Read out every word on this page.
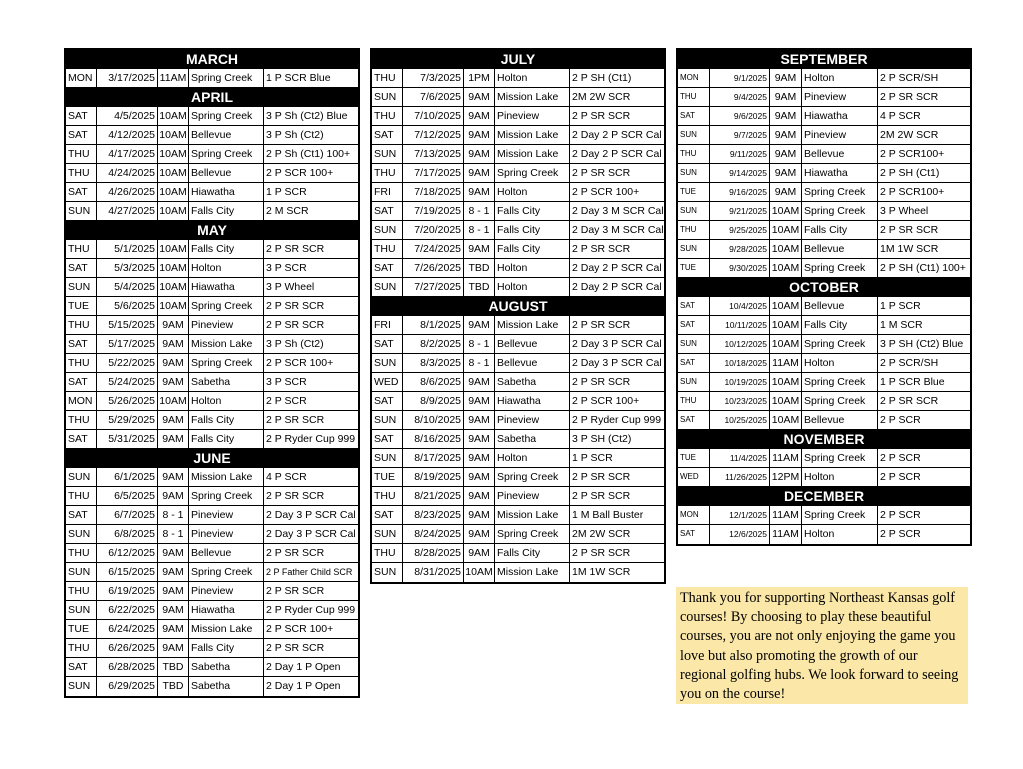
MARCH
MON	3/17/2025 11AM Spring Creek	1 P SCR Blue
APRIL
SAT	4/5/2025 10AM Spring Creek	3 P Sh (Ct2) Blue
SAT	4/12/2025 10AM Bellevue	3 P Sh (Ct2)
THU	4/17/2025 10AM Spring Creek	2 P Sh (Ct1) 100+
THU	4/24/2025 10AM Bellevue	2 P SCR 100+
SAT	4/26/2025 10AM Hiawatha	1 P SCR
SUN	4/27/2025 10AM Falls City	2 M SCR
MAY
THU	5/1/2025 10AM Falls City	2 P SR SCR
SAT	5/3/2025 10AM Holton	3 P SCR
SUN	5/4/2025 10AM Hiawatha	3 P Wheel
TUE	5/6/2025 10AM Spring Creek	2 P SR SCR
THU	5/15/2025 9AM Pineview	2 P SR SCR
SAT	5/17/2025 9AM Mission Lake	3 P Sh (Ct2)
THU	5/22/2025 9AM Spring Creek	2 P SCR 100+
SAT	5/24/2025 9AM Sabetha	3 P SCR
MON	5/26/2025 10AM Holton	2 P SCR
THU	5/29/2025 9AM Falls City	2 P SR SCR
SAT	5/31/2025 9AM Falls City	2 P Ryder Cup 999
JUNE
SUN	6/1/2025 9AM Mission Lake	4 P SCR
THU	6/5/2025 9AM Spring Creek	2 P SR SCR
SAT	6/7/2025 8 - 1 Pineview	2 Day 3 P SCR Cal
SUN	6/8/2025 8 - 1 Pineview	2 Day 3 P SCR Cal
THU	6/12/2025 9AM Bellevue	2 P SR SCR
SUN	6/15/2025 9AM Spring Creek	2 P Father Child SCR
THU	6/19/2025 9AM Pineview	2 P SR SCR
SUN	6/22/2025 9AM Hiawatha	2 P Ryder Cup 999
TUE	6/24/2025 9AM Mission Lake	2 P SCR 100+
THU	6/26/2025 9AM Falls City	2 P SR SCR
SAT	6/28/2025 TBD Sabetha	2 Day 1 P Open
SUN	6/29/2025 TBD Sabetha	2 Day 1 P Open
JULY
THU	7/3/2025 1PM Holton	2 P SH (Ct1)
SUN	7/6/2025 9AM Mission Lake	2M 2W SCR
THU	7/10/2025 9AM Pineview	2 P SR SCR
SAT	7/12/2025 9AM Mission Lake	2 Day 2 P SCR Cal
SUN	7/13/2025 9AM Mission Lake	2 Day 2 P SCR Cal
THU	7/17/2025 9AM Spring Creek	2 P SR SCR
FRI	7/18/2025 9AM Holton	2 P SCR 100+
SAT	7/19/2025 8 - 1 Falls City	2 Day 3 M SCR Cal
SUN	7/20/2025 8 - 1 Falls City	2 Day 3 M SCR Cal
THU	7/24/2025 9AM Falls City	2 P SR SCR
SAT	7/26/2025 TBD Holton	2 Day 2 P SCR Cal
SUN	7/27/2025 TBD Holton	2 Day 2 P SCR Cal
AUGUST
FRI	8/1/2025 9AM Mission Lake	2 P SR SCR
SAT	8/2/2025 8 - 1 Bellevue	2 Day 3 P SCR Cal
SUN	8/3/2025 8 - 1 Bellevue	2 Day 3 P SCR Cal
WED	8/6/2025 9AM Sabetha	2 P SR SCR
SAT	8/9/2025 9AM Hiawatha	2 P SCR 100+
SUN	8/10/2025 9AM Pineview	2 P Ryder Cup 999
SAT	8/16/2025 9AM Sabetha	3 P SH (Ct2)
SUN	8/17/2025 9AM Holton	1 P SCR
TUE	8/19/2025 9AM Spring Creek	2 P SR SCR
THU	8/21/2025 9AM Pineview	2 P SR SCR
SAT	8/23/2025 9AM Mission Lake	1 M Ball Buster
SUN	8/24/2025 9AM Spring Creek	2M 2W SCR
THU	8/28/2025 9AM Falls City	2 P SR SCR
SUN	8/31/2025 10AM Mission Lake	1M 1W SCR
SEPTEMBER
MON	9/1/2025 9AM Holton	2 P SCR/SH
THU	9/4/2025 9AM Pineview	2 P SR SCR
SAT	9/6/2025 9AM Hiawatha	4 P SCR
SUN	9/7/2025 9AM Pineview	2M 2W SCR
THU	9/11/2025 9AM Bellevue	2 P SCR100+
SUN	9/14/2025 9AM Hiawatha	2 P SH (Ct1)
TUE	9/16/2025 9AM Spring Creek	2 P SCR100+
SUN	9/21/2025 10AM Spring Creek	3 P Wheel
THU	9/25/2025 10AM Falls City	2 P SR SCR
SUN	9/28/2025 10AM Bellevue	1M 1W SCR
TUE	9/30/2025 10AM Spring Creek	2 P SH (Ct1) 100+
OCTOBER
SAT	10/4/2025 10AM Bellevue	1 P SCR
SAT	10/11/2025 10AM Falls City	1 M SCR
SUN	10/12/2025 10AM Spring Creek	3 P SH (Ct2) Blue
SAT	10/18/2025 11AM Holton	2 P SCR/SH
SUN	10/19/2025 10AM Spring Creek	1 P SCR Blue
THU	10/23/2025 10AM Spring Creek	2 P SR SCR
SAT	10/25/2025 10AM Bellevue	2 P SCR
NOVEMBER
TUE	11/4/2025 11AM Spring Creek	2 P SCR
WED	11/26/2025 12PM Holton	2 P SCR
DECEMBER
MON	12/1/2025 11AM Spring Creek	2 P SCR
SAT	12/6/2025 11AM Holton	2 P SCR
Thank you for supporting Northeast Kansas golf courses! By choosing to play these beautiful courses, you are not only enjoying the game you love but also promoting the growth of our regional golfing hubs. We look forward to seeing you on the course!
